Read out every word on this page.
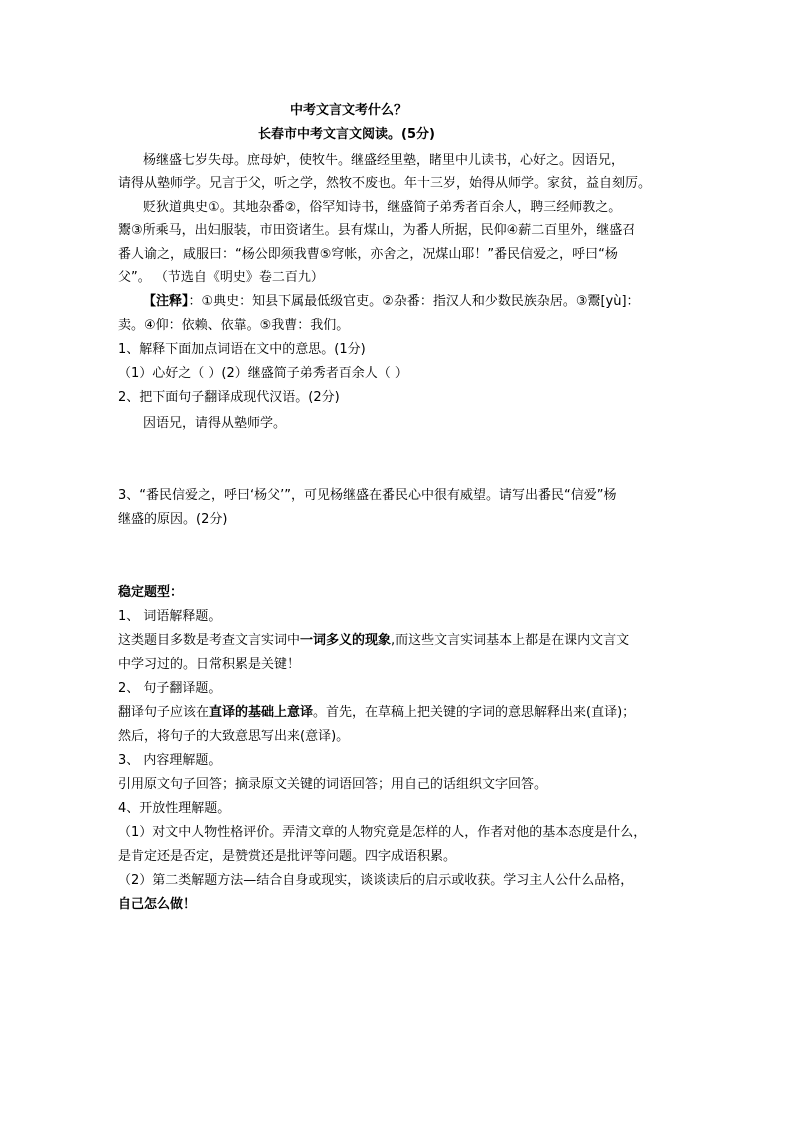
中考文言文考什么？

长春市中考文言文阅读。(5分)

杨继盛七岁失母。庶母妒，使牧牛。继盛经里塾，睹里中儿读书，心好之。因语兄，

请得从塾师学。兄言于父，听之学，然牧不废也。年十三岁，始得从师学。家贫，益自刻厉。

贬狄道典史①。其地杂番②，俗罕知诗书，继盛简子弟秀者百余人，聘三经师教之。

鬻③所乘马，出妇服装，市田资诸生。县有煤山，为番人所据，民仰④薪二百里外，继盛召

番人谕之，咸服曰：“杨公即须我曹⑤穹帐，亦舍之，况煤山耶！”番民信爱之，呼曰“杨

父”。 （节选自《明史》卷二百九）

【注释】：①典史：知县下属最低级官吏。②杂番：指汉人和少数民族杂居。③鬻[yù]：

卖。④仰：依赖、依靠。⑤我曹：我们。

1、解释下面加点词语在文中的意思。(1分)

（1）心好之（ ）(2）继盛简子弟秀者百余人（ ）

2、把下面句子翻译成现代汉语。(2分)

因语兄，请得从塾师学。

3、“番民信爱之，呼曰‘杨父’”，可见杨继盛在番民心中很有威望。请写出番民“信爱”杨

继盛的原因。(2分)

稳定题型：

1、 词语解释题。

这类题目多数是考查文言实词中一词多义的现象,而这些文言实词基本上都是在课内文言文

中学习过的。日常积累是关键！

2、 句子翻译题。

翻译句子应该在直译的基础上意译。首先，在草稿上把关键的字词的意思解释出来(直译)；

然后，将句子的大致意思写出来(意译)。

3、 内容理解题。

引用原文句子回答；摘录原文关键的词语回答；用自己的话组织文字回答。

4、开放性理解题。

（1）对文中人物性格评价。弄清文章的人物究竟是怎样的人，作者对他的基本态度是什么，

是肯定还是否定，是赞赏还是批评等问题。四字成语积累。

（2）第二类解题方法—结合自身或现实，谈谈读后的启示或收获。学习主人公什么品格，

自己怎么做！
